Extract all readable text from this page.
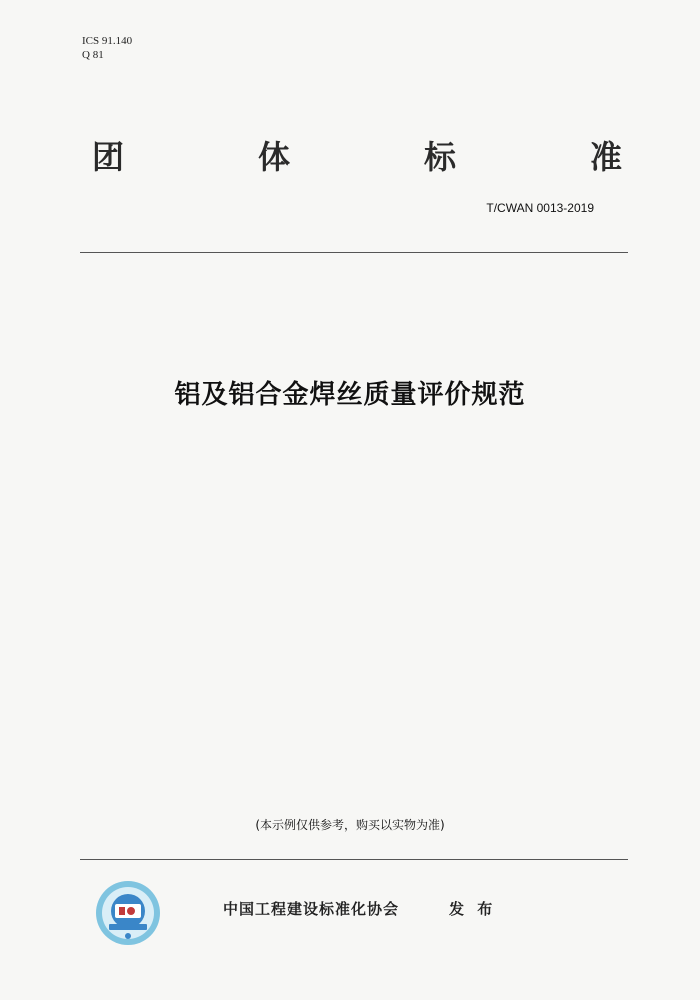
ICS 91.140
Q 81
团	体	标	准
T/CWAN 0013-2019
铝及铝合金焊丝质量评价规范
(本示例仅供参考，购买以实物为准)
中国工程建设标准化协会	发 布
